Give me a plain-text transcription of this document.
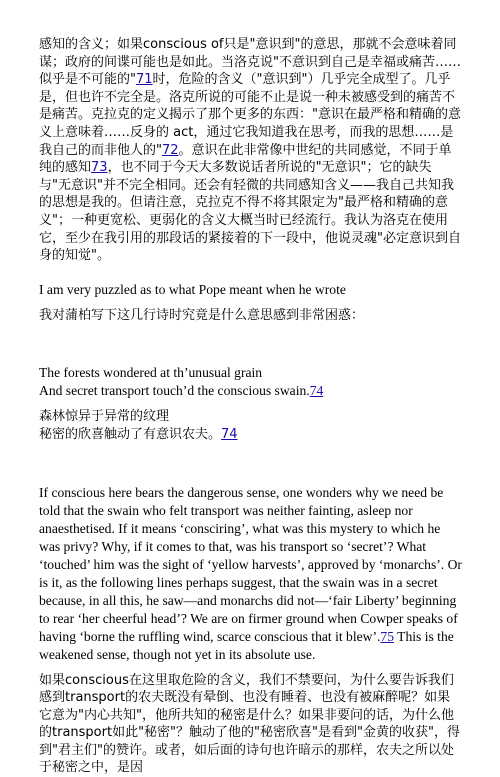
感知的含义；如果conscious of只是"意识到"的意思，那就不会意味着同谋；政府的间谍可能也是如此。当洛克说"不意识到自己是幸福或痛苦……似乎是不可能的"71时，危险的含义（"意识到"）几乎完全成型了。几乎是，但也许不完全是。洛克所说的可能不止是说一种未被感受到的痛苦不是痛苦。克拉克的定义揭示了那个更多的东西："意识在最严格和精确的意义上意味着……反身的 act，通过它我知道我在思考，而我的思想……是我自己的而非他人的"72。意识在此非常像中世纪的共同感觉，不同于单纯的感知73，也不同于今天大多数说话者所说的"无意识"；它的缺失与"无意识"并不完全相同。还会有轻微的共同感知含义——我自己共知我的思想是我的。但请注意，克拉克不得不将其限定为"最严格和精确的意义"；一种更宽松、更弱化的含义大概当时已经流行。我认为洛克在使用它，至少在我引用的那段话的紧接着的下一段中，他说灵魂"必定意识到自身的知觉"。

I am very puzzled as to what Pope meant when he wrote

我对蒲柏写下这几行诗时究竟是什么意思感到非常困惑：

The forests wondered at th’unusual grain

And secret transport touch’d the conscious swain.74

森林惊异于异常的纹理

秘密的欣喜触动了有意识农夫。74

If conscious here bears the dangerous sense, one wonders why we need be told that the swain who felt transport was neither fainting, asleep nor anaesthetised. If it means ‘consciring’, what was this mystery to which he was privy? Why, if it comes to that, was his transport so ‘secret’? What ‘touched’ him was the sight of ‘yellow harvests’, approved by ‘monarchs’. Or is it, as the following lines perhaps suggest, that the swain was in a secret because, in all this, he saw—and monarchs did not—‘fair Liberty’ beginning to rear ‘her cheerful head’? We are on firmer ground when Cowper speaks of having ‘borne the ruffling wind, scarce conscious that it blew’.75 This is the weakened sense, though not yet in its absolute use.

如果conscious在这里取危险的含义，我们不禁要问，为什么要告诉我们感到transport的农夫既没有晕倒、也没有睡着、也没有被麻醉呢？如果它意为"内心共知"，他所共知的秘密是什么？如果非要问的话，为什么他的transport如此"秘密"？触动了他的"秘密欣喜"是看到"金黄的收获"，得到"君主们"的赞许。或者，如后面的诗句也许暗示的那样，农夫之所以处于秘密之中，是因
